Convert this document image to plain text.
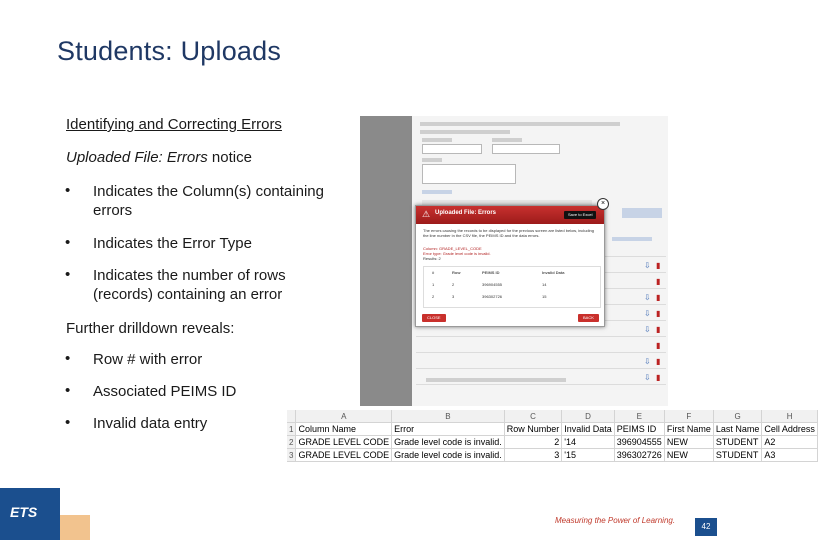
Students: Uploads
Identifying and Correcting Errors
Uploaded File: Errors notice
• Indicates the Column(s) containing errors
• Indicates the Error Type
• Indicates the number of rows (records) containing an error
Further drilldown reveals:
• Row # with error
• Associated PEIMS ID
• Invalid data entry
⇩ ▮
▮
⇩ ▮
⇩ ▮
⇩ ▮
▮
⇩ ▮
⇩ ▮
⚠ Uploaded File: Errors	Save to Excel
×
The errors causing the records to be displayed for the previous screen are listed below, including the line number in the CSV file, the PEIMS ID and the data errors.
Column: GRADE_LEVEL_CODE
Error type: Grade level code is invalid.
Results: 2
#	Row	PEIMS ID	Invalid Data
1	2	396904555	14
2	3	396302726	15
CLOSE	BACK
	A	B	C	D	E	F	G	H
1	Column Name	Error	Row Number	Invalid Data	PEIMS ID	First Name	Last Name	Cell Address
2	GRADE LEVEL CODE	Grade level code is invalid.	2	'14	396904555	NEW	STUDENT	A2
3	GRADE LEVEL CODE	Grade level code is invalid.	3	'15	396302726	NEW	STUDENT	A3
ETS
Measuring the Power of Learning.
42
